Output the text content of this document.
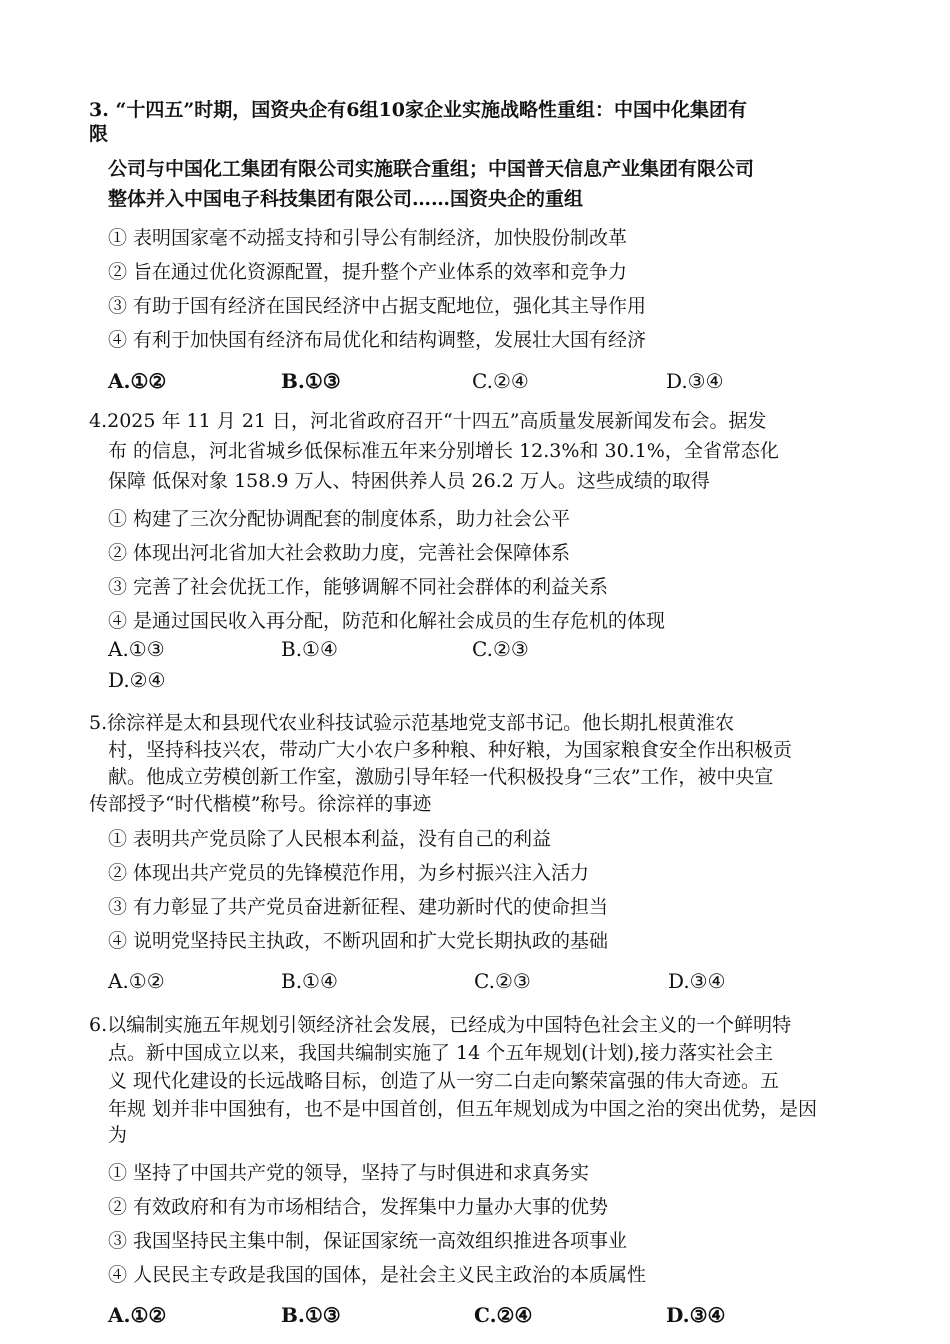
3. “十四五”时期，国资央企有6组10家企业实施战略性重组：中国中化集团有
限
公司与中国化工集团有限公司实施联合重组；中国普天信息产业集团有限公司
整体并入中国电子科技集团有限公司……国资央企的重组
① 表明国家毫不动摇支持和引导公有制经济，加快股份制改革
② 旨在通过优化资源配置，提升整个产业体系的效率和竞争力
③ 有助于国有经济在国民经济中占据支配地位，强化其主导作用
④ 有利于加快国有经济布局优化和结构调整，发展壮大国有经济
A.①②	B.①③	C.②④	D.③④
4.2025 年 11 月 21 日，河北省政府召开“十四五”高质量发展新闻发布会。据发
布 的信息，河北省城乡低保标准五年来分别增长 12.3%和 30.1%，全省常态化
保障 低保对象 158.9 万人、特困供养人员 26.2 万人。这些成绩的取得
① 构建了三次分配协调配套的制度体系，助力社会公平
② 体现出河北省加大社会救助力度，完善社会保障体系
③ 完善了社会优抚工作，能够调解不同社会群体的利益关系
④ 是通过国民收入再分配，防范和化解社会成员的生存危机的体现
A.①③	B.①④	C.②③
D.②④
5.徐淙祥是太和县现代农业科技试验示范基地党支部书记。他长期扎根黄淮农
村，坚持科技兴农，带动广大小农户多种粮、种好粮，为国家粮食安全作出积极贡
献。他成立劳模创新工作室，激励引导年轻一代积极投身“三农”工作，被中央宣
传部授予“时代楷模”称号。徐淙祥的事迹
① 表明共产党员除了人民根本利益，没有自己的利益
② 体现出共产党员的先锋模范作用，为乡村振兴注入活力
③ 有力彰显了共产党员奋进新征程、建功新时代的使命担当
④ 说明党坚持民主执政，不断巩固和扩大党长期执政的基础
A.①②	B.①④	C.②③	D.③④
6.以编制实施五年规划引领经济社会发展，已经成为中国特色社会主义的一个鲜明特
点。新中国成立以来，我国共编制实施了 14 个五年规划(计划),接力落实社会主
义 现代化建设的长远战略目标，创造了从一穷二白走向繁荣富强的伟大奇迹。五
年规 划并非中国独有，也不是中国首创，但五年规划成为中国之治的突出优势，是因
为
① 坚持了中国共产党的领导，坚持了与时俱进和求真务实
② 有效政府和有为市场相结合，发挥集中力量办大事的优势
③ 我国坚持民主集中制，保证国家统一高效组织推进各项事业
④ 人民民主专政是我国的国体，是社会主义民主政治的本质属性
A.①②	B.①③	C.②④	D.③④
